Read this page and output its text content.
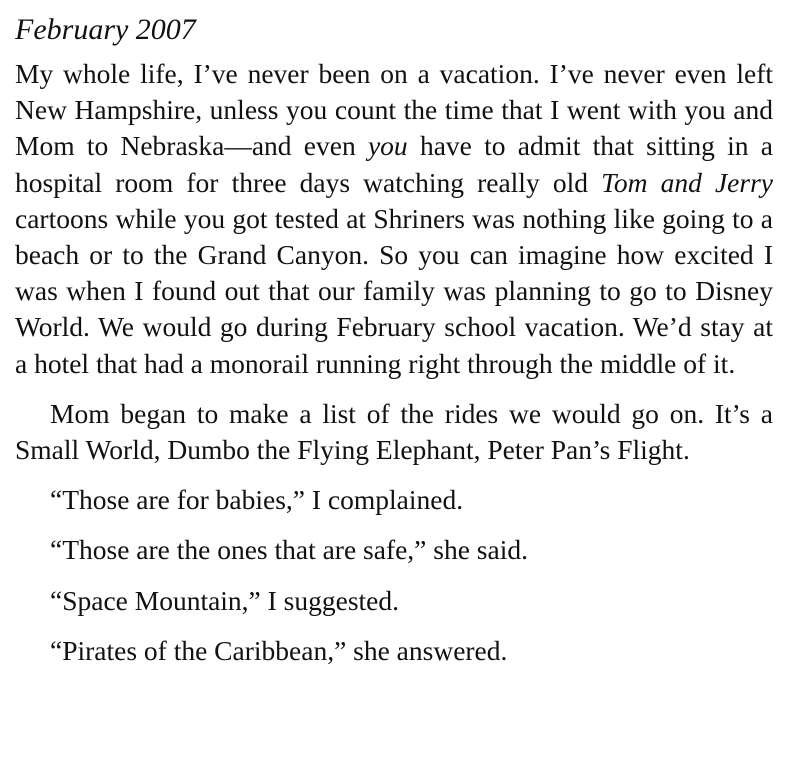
February 2007

My whole life, I’ve never been on a vacation. I’ve never even left New Hampshire, unless you count the time that I went with you and Mom to Nebraska—and even you have to admit that sitting in a hospital room for three days watching really old Tom and Jerry cartoons while you got tested at Shriners was nothing like going to a beach or to the Grand Canyon. So you can imagine how excited I was when I found out that our family was planning to go to Disney World. We would go during February school vacation. We’d stay at a hotel that had a monorail running right through the middle of it.

Mom began to make a list of the rides we would go on. It’s a Small World, Dumbo the Flying Elephant, Peter Pan’s Flight.

“Those are for babies,” I complained.

“Those are the ones that are safe,” she said.

“Space Mountain,” I suggested.

“Pirates of the Caribbean,” she answered.
